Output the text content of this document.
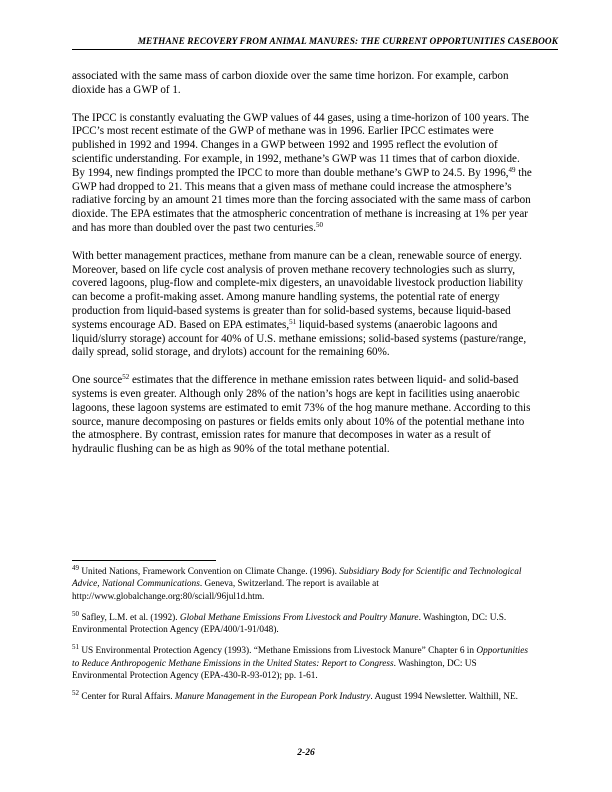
METHANE RECOVERY FROM ANIMAL MANURES: THE CURRENT OPPORTUNITIES CASEBOOK

associated with the same mass of carbon dioxide over the same time horizon. For example, carbon dioxide has a GWP of 1.

The IPCC is constantly evaluating the GWP values of 44 gases, using a time-horizon of 100 years. The IPCC’s most recent estimate of the GWP of methane was in 1996. Earlier IPCC estimates were published in 1992 and 1994. Changes in a GWP between 1992 and 1995 reflect the evolution of scientific understanding. For example, in 1992, methane’s GWP was 11 times that of carbon dioxide. By 1994, new findings prompted the IPCC to more than double methane’s GWP to 24.5. By 1996,49 the GWP had dropped to 21. This means that a given mass of methane could increase the atmosphere’s radiative forcing by an amount 21 times more than the forcing associated with the same mass of carbon dioxide. The EPA estimates that the atmospheric concentration of methane is increasing at 1% per year and has more than doubled over the past two centuries.$^{50}$

With better management practices, methane from manure can be a clean, renewable source of energy. Moreover, based on life cycle cost analysis of proven methane recovery technologies such as slurry, covered lagoons, plug-flow and complete-mix digesters, an unavoidable livestock production liability can become a profit-making asset. Among manure handling systems, the potential rate of energy production from liquid-based systems is greater than for solid-based systems, because liquid-based systems encourage AD. Based on EPA estimates,$^{51}$ liquid-based systems (anaerobic lagoons and liquid/slurry storage) account for 40% of U.S. methane emissions; solid-based systems (pasture/range, daily spread, solid storage, and drylots) account for the remaining 60%.

One source$^{52}$ estimates that the difference in methane emission rates between liquid- and solid-based systems is even greater. Although only 28% of the nation’s hogs are kept in facilities using anaerobic lagoons, these lagoon systems are estimated to emit 73% of the hog manure methane. According to this source, manure decomposing on pastures or fields emits only about 10% of the potential methane into the atmosphere. By contrast, emission rates for manure that decomposes in water as a result of hydraulic flushing can be as high as 90% of the total methane potential.

$^{49}$ United Nations, Framework Convention on Climate Change. (1996). Subsidiary Body for Scientific and Technological Advice, National Communications. Geneva, Switzerland. The report is available at http://www.globalchange.org:80/sciall/96jul1d.htm.
$^{50}$ Safley, L.M. et al. (1992). Global Methane Emissions From Livestock and Poultry Manure. Washington, DC: U.S. Environmental Protection Agency (EPA/400/1-91/048).
$^{51}$ US Environmental Protection Agency (1993). “Methane Emissions from Livestock Manure” Chapter 6 in Opportunities to Reduce Anthropogenic Methane Emissions in the United States: Report to Congress. Washington, DC: US Environmental Protection Agency (EPA-430-R-93-012); pp. 1-61.
$^{52}$ Center for Rural Affairs. Manure Management in the European Pork Industry. August 1994 Newsletter. Walthill, NE.
2-26
